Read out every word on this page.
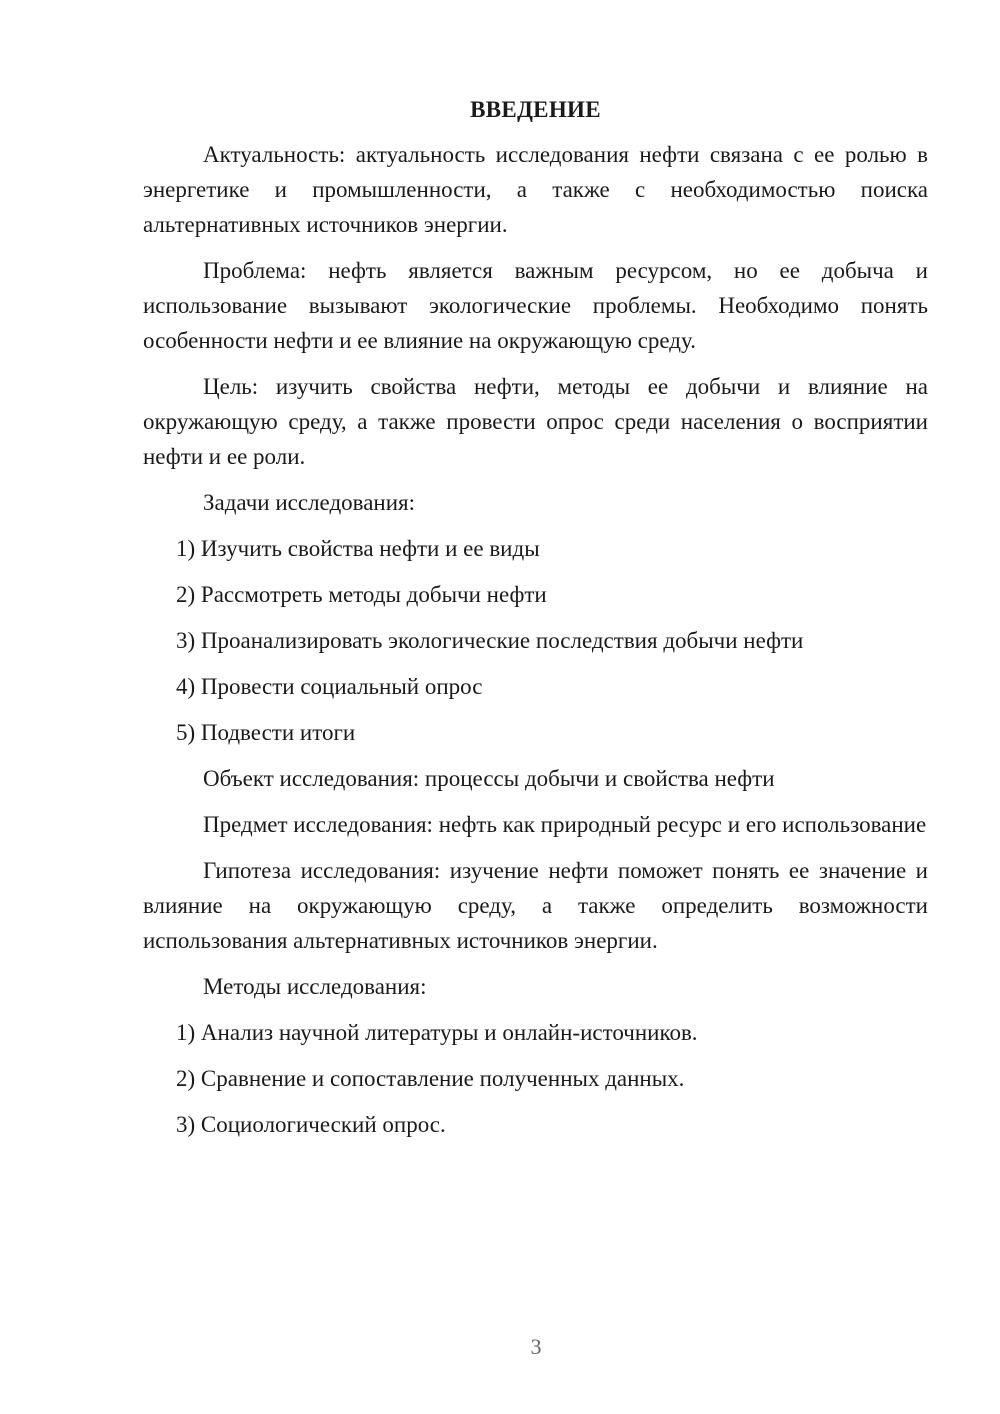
ВВЕДЕНИЕ
Актуальность: актуальность исследования нефти связана с ее ролью в энергетике и промышленности, а также с необходимостью поиска альтернативных источников энергии.
Проблема: нефть является важным ресурсом, но ее добыча и использование вызывают экологические проблемы. Необходимо понять особенности нефти и ее влияние на окружающую среду.
Цель: изучить свойства нефти, методы ее добычи и влияние на окружающую среду, а также провести опрос среди населения о восприятии нефти и ее роли.
Задачи исследования:
1) Изучить свойства нефти и ее виды
2) Рассмотреть методы добычи нефти
3) Проанализировать экологические последствия добычи нефти
4) Провести социальный опрос
5) Подвести итоги
Объект исследования: процессы добычи и свойства нефти
Предмет исследования: нефть как природный ресурс и его использование
Гипотеза исследования: изучение нефти поможет понять ее значение и влияние на окружающую среду, а также определить возможности использования альтернативных источников энергии.
Методы исследования:
1) Анализ научной литературы и онлайн-источников.
2) Сравнение и сопоставление полученных данных.
3) Социологический опрос.
3
